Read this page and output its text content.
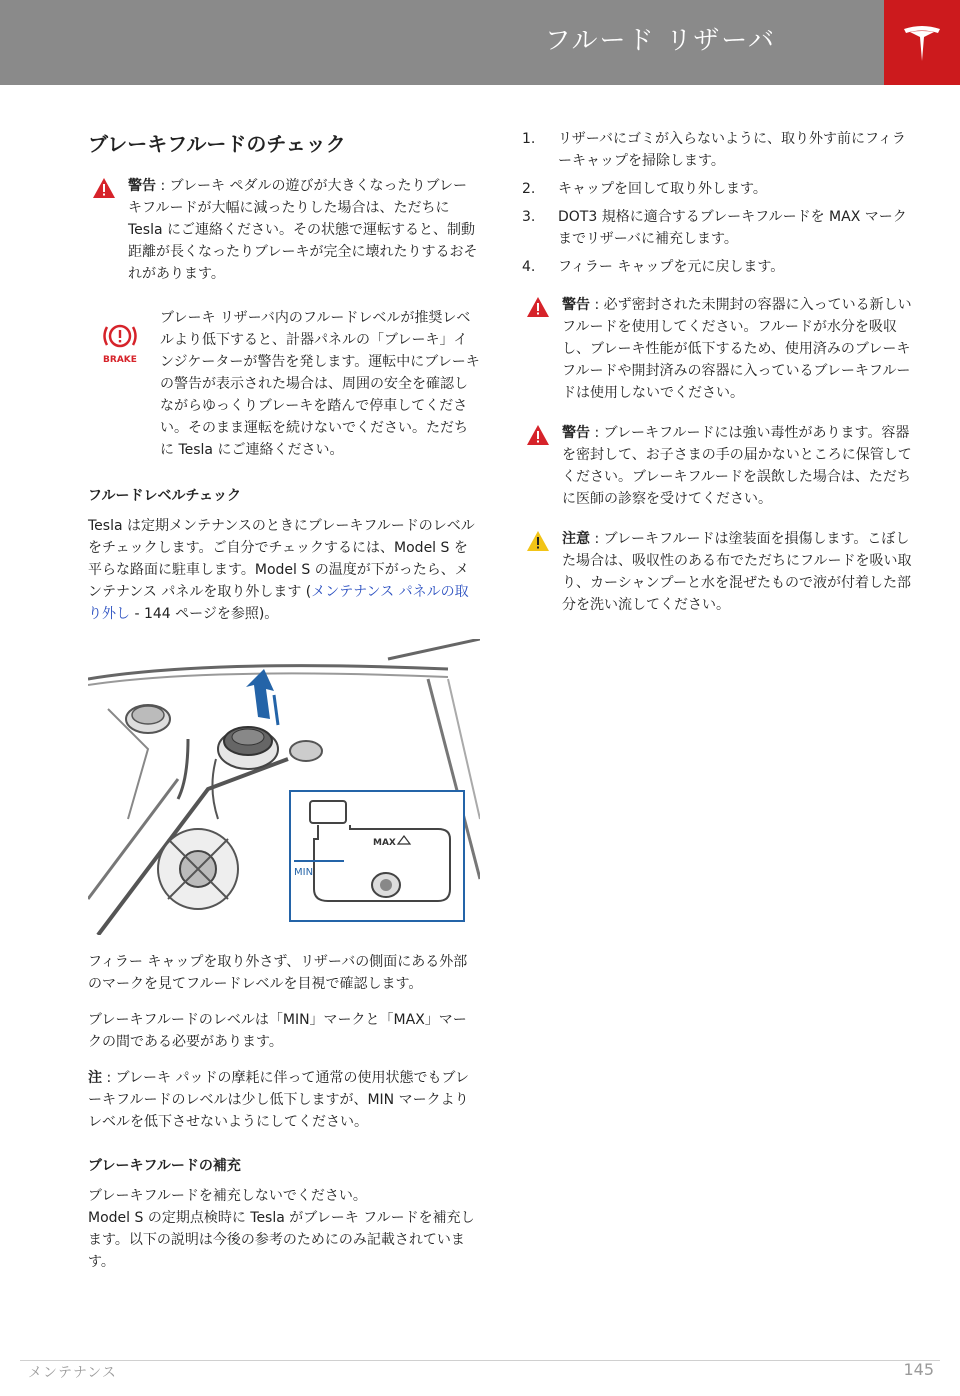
フルード リザーバ
ブレーキフルードのチェック

警告 : ブレーキ ペダルの遊びが大きくなったりブレーキフルードが大幅に減ったりした場合は、ただちに Tesla にご連絡ください。その状態で運転すると、制動距離が長くなったりブレーキが完全に壊れたりするおそれがあります。

BRAKE

ブレーキ リザーバ内のフルードレベルが推奨レベルより低下すると、計器パネルの「ブレーキ」インジケーターが警告を発します。運転中にブレーキの警告が表示された場合は、周囲の安全を確認しながらゆっくりブレーキを踏んで停車してください。そのまま運転を続けないでください。ただちに Tesla にご連絡ください。

フルードレベルチェック

Tesla は定期メンテナンスのときにブレーキフルードのレベルをチェックします。ご自分でチェックするには、Model S を平らな路面に駐車します。Model S の温度が下がったら、メンテナンス パネルを取り外します (メンテナンス パネルの取り外し - 144 ページを参照)。

MAX
MIN

フィラー キャップを取り外さず、リザーバの側面にある外部のマークを見てフルードレベルを目視で確認します。

ブレーキフルードのレベルは「MIN」マークと「MAX」マークの間である必要があります。

注 : ブレーキ パッドの摩耗に伴って通常の使用状態でもブレーキフルードのレベルは少し低下しますが、MIN マークよりレベルを低下させないようにしてください。

ブレーキフルードの補充

ブレーキフルードを補充しないでください。
Model S の定期点検時に Tesla がブレーキ フルードを補充します。以下の説明は今後の参考のためにのみ記載されています。

1. リザーバにゴミが入らないように、取り外す前にフィラーキャップを掃除します。
2. キャップを回して取り外します。
3. DOT3 規格に適合するブレーキフルードを MAX マークまでリザーバに補充します。
4. フィラー キャップを元に戻します。

警告 : 必ず密封された未開封の容器に入っている新しいフルードを使用してください。フルードが水分を吸収し、ブレーキ性能が低下するため、使用済みのブレーキフルードや開封済みの容器に入っているブレーキフルードは使用しないでください。

警告 : ブレーキフルードには強い毒性があります。容器を密封して、お子さまの手の届かないところに保管してください。ブレーキフルードを誤飲した場合は、ただちに医師の診察を受けてください。

注意 : ブレーキフルードは塗装面を損傷します。こぼした場合は、吸収性のある布でただちにフルードを吸い取り、カーシャンプーと水を混ぜたもので液が付着した部分を洗い流してください。

メンテナンス	145
